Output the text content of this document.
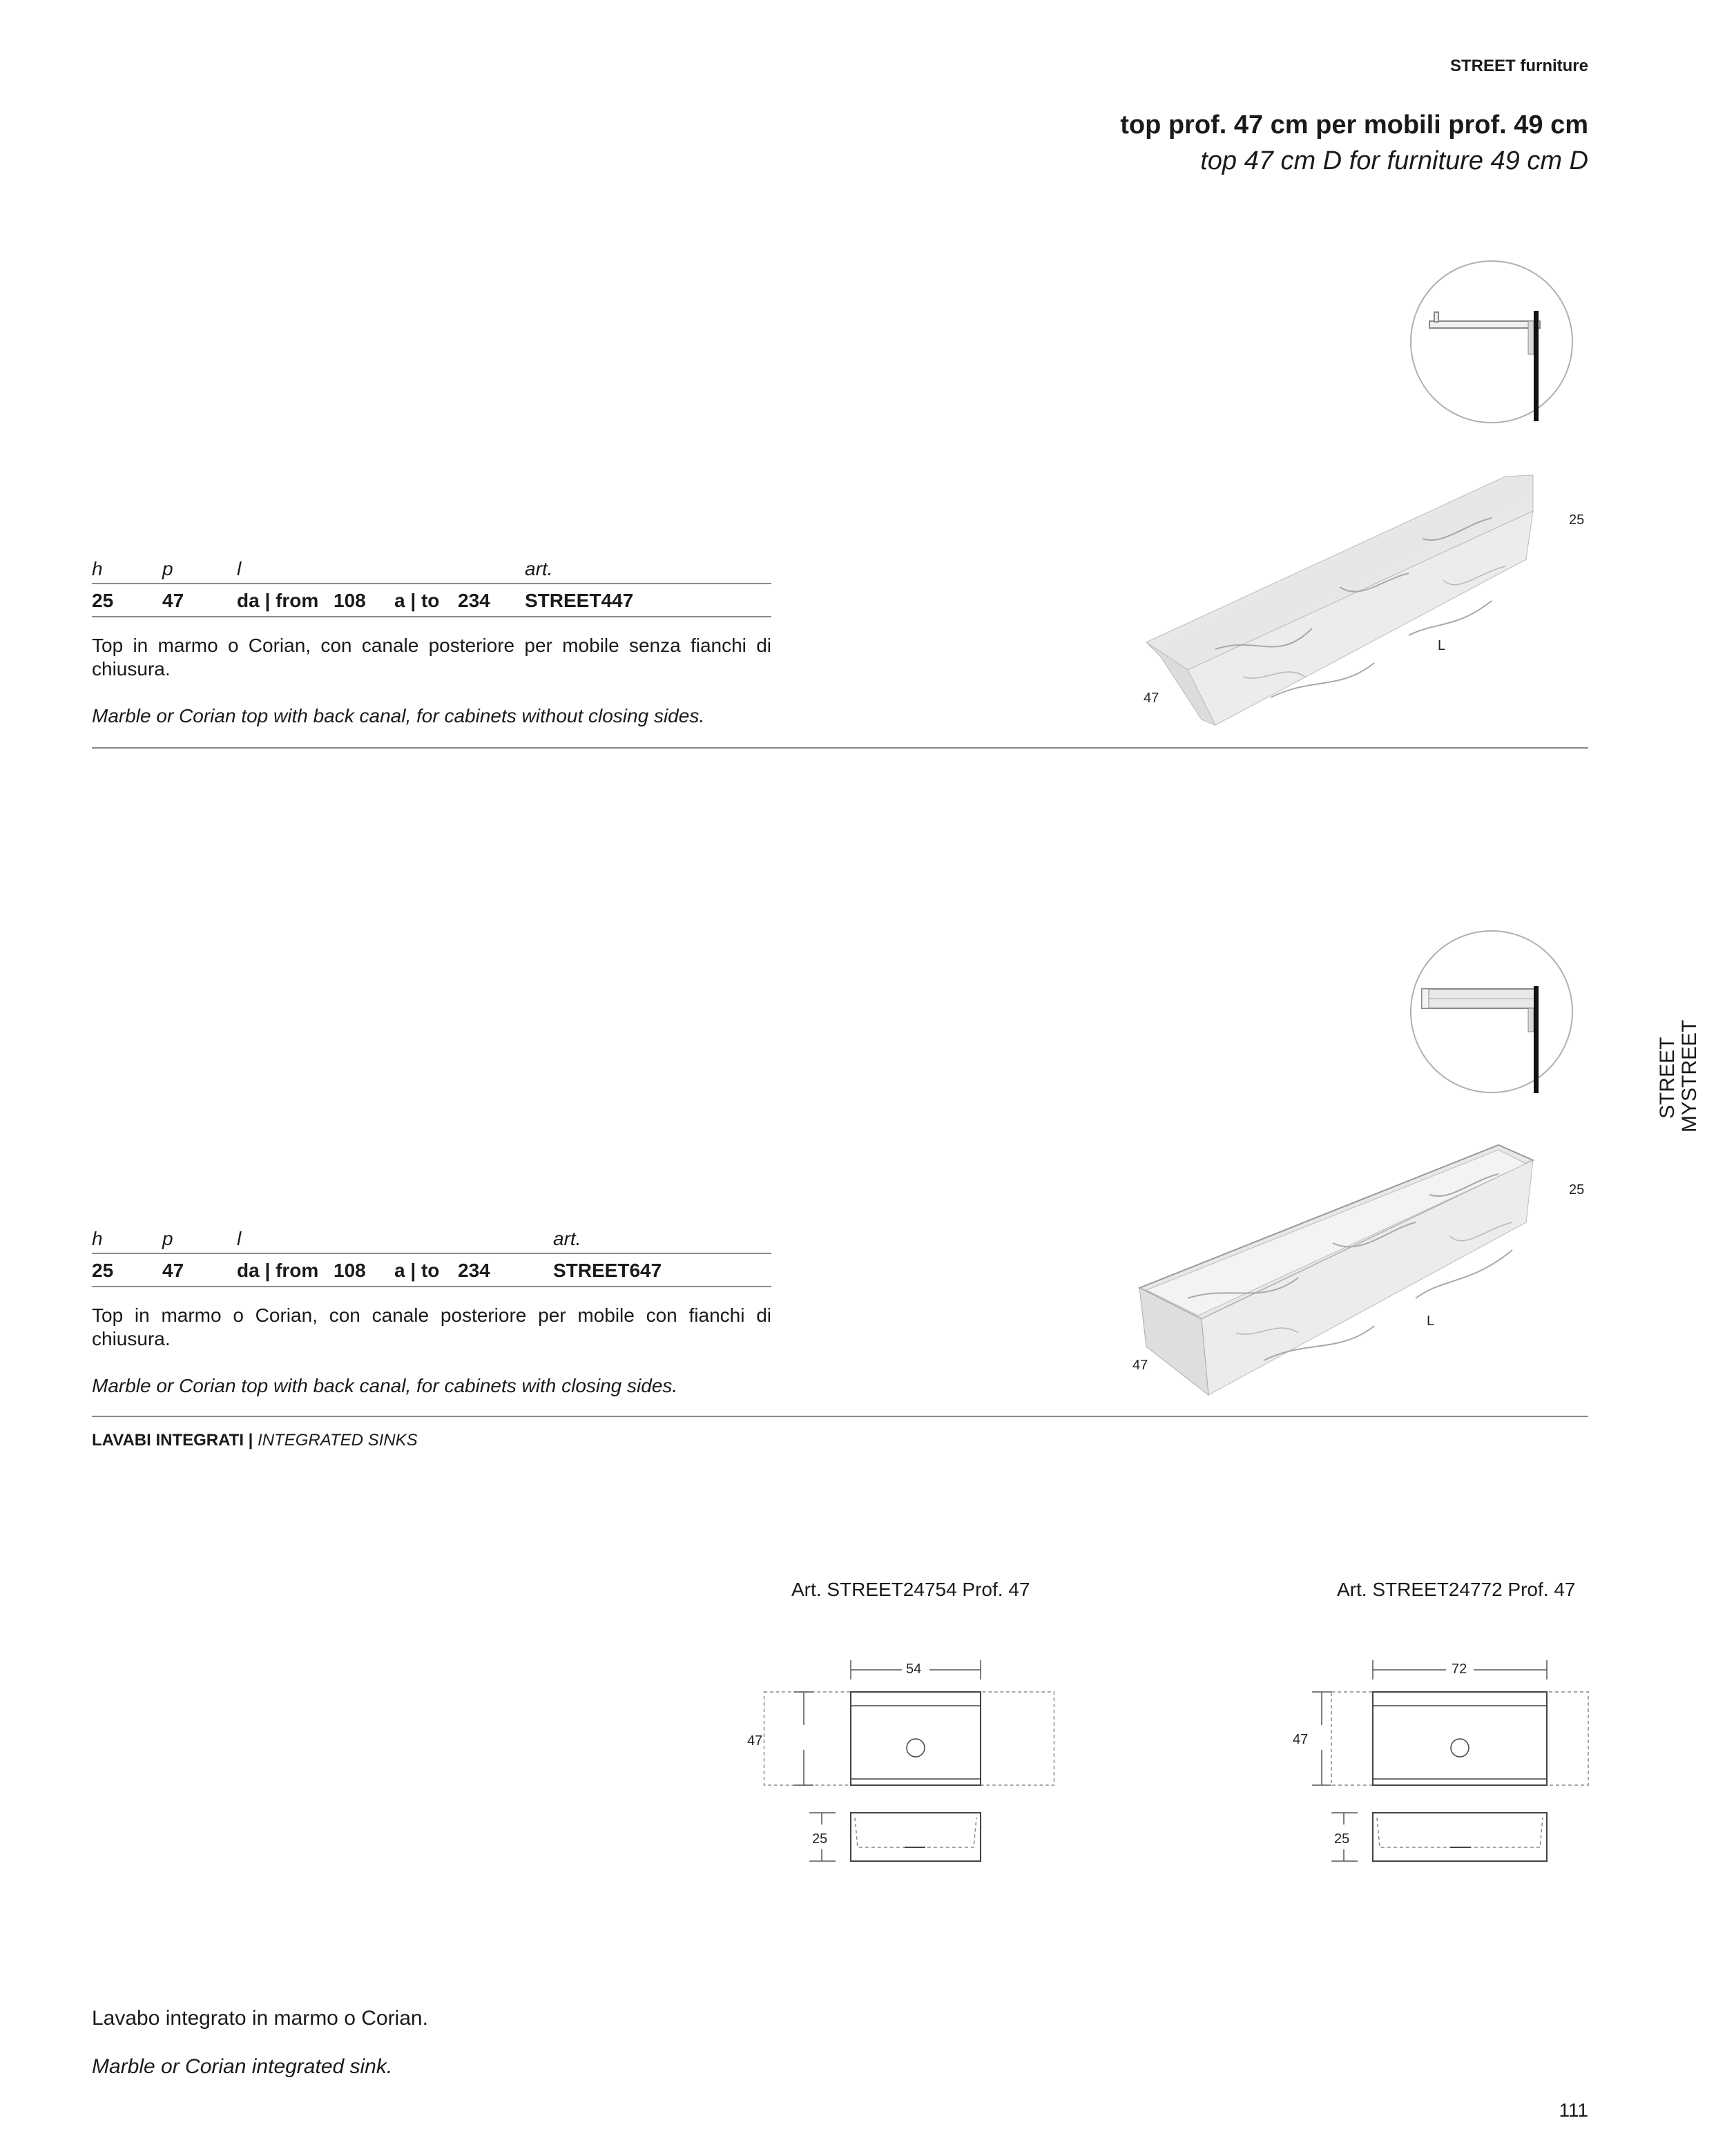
STREET furniture
top prof. 47 cm per mobili prof. 49 cm
top 47 cm D for furniture 49 cm D
25
L
47
h	p	l	art.
25	47	da | from 108 a | to 234 STREET447

Top in marmo o Corian, con canale posteriore per mobile senza fianchi di chiusura.

Marble or Corian top with back canal, for cabinets without closing sides.

25
L
47
h	p	l	art.
25	47	da | from 108 a | to 234	STREET647

Top in marmo o Corian, con canale posteriore per mobile con fianchi di chiusura.

Marble or Corian top with back canal, for cabinets with closing sides.

STREET MYSTREET
LAVABI INTEGRATI | INTEGRATED SINKS
Art. STREET24754 Prof. 47
54
47
25
Art. STREET24772 Prof. 47
72
47
25
Lavabo integrato in marmo o Corian.
Marble or Corian integrated sink.
111
